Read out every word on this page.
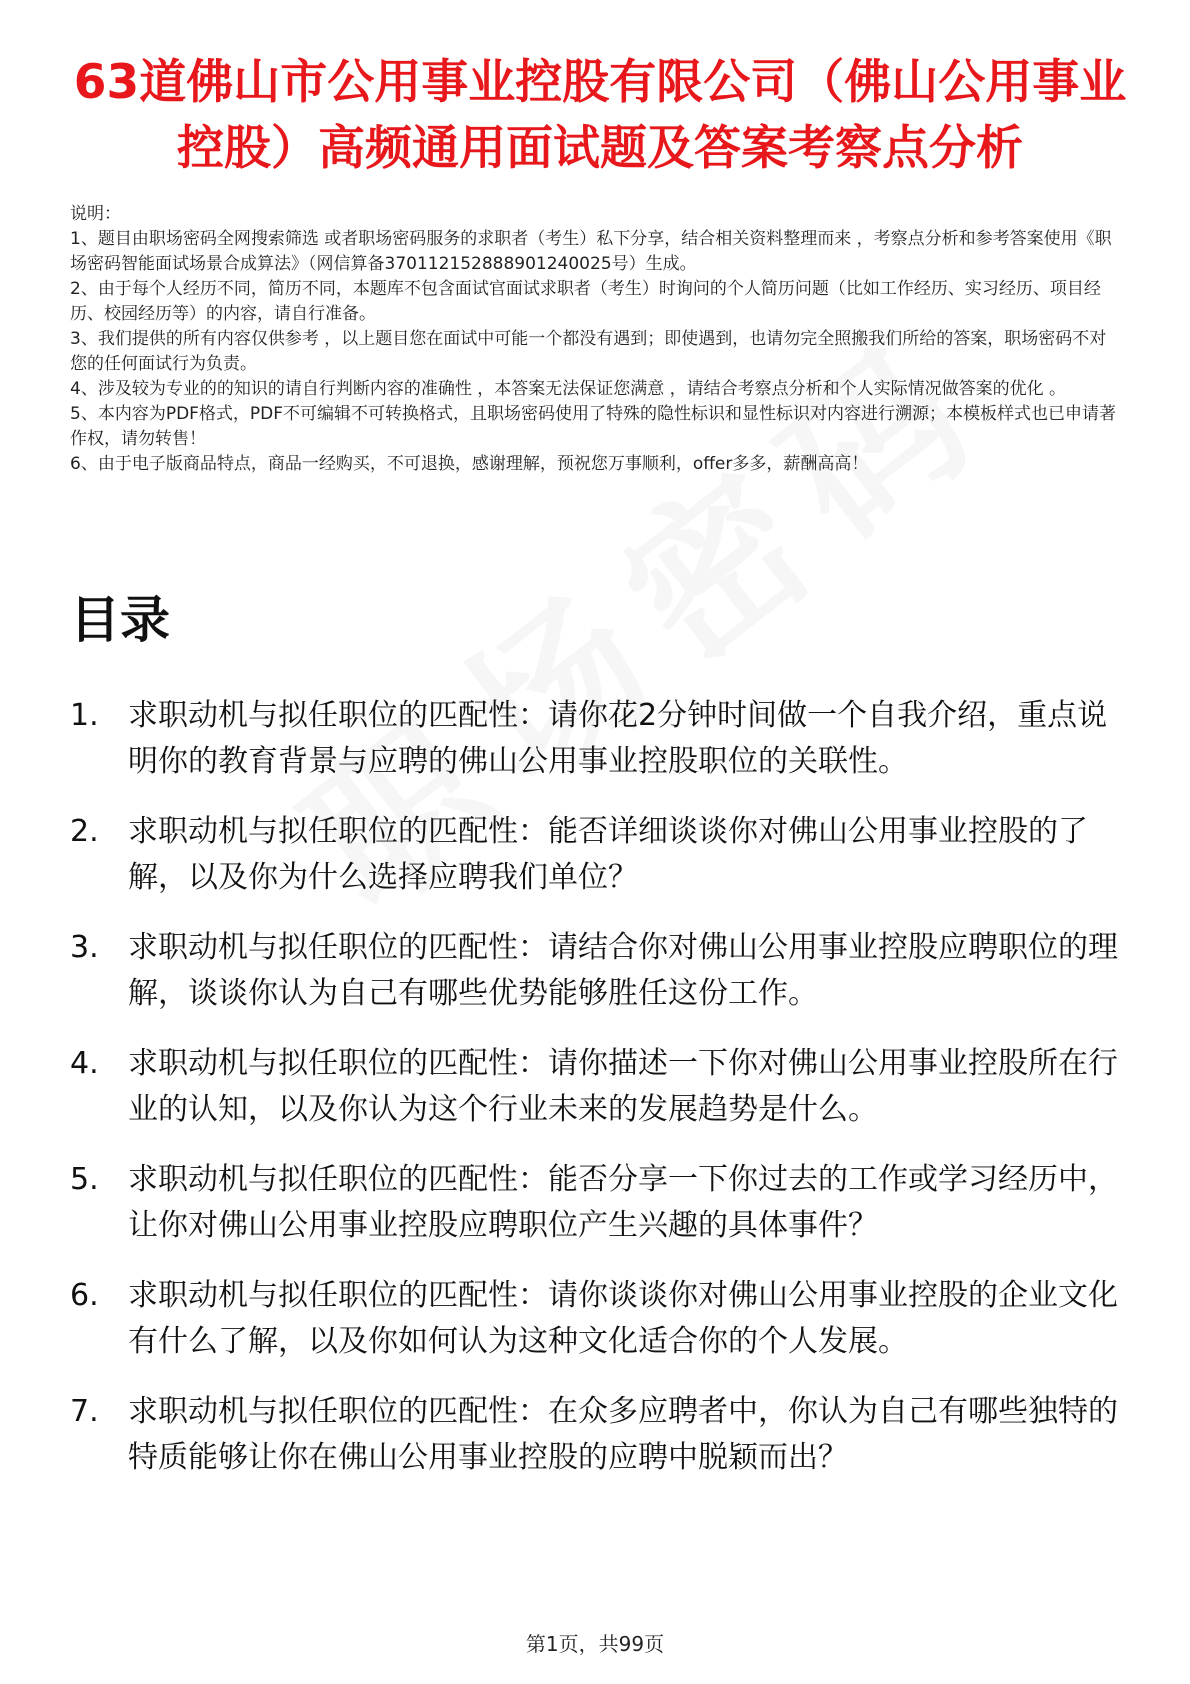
63道佛山市公用事业控股有限公司（佛山公用事业控股）高频通用面试题及答案考察点分析

说明：

1、题目由职场密码全网搜索筛选 或者职场密码服务的求职者（考生）私下分享，结合相关资料整理而来 ，考察点分析和参考答案使用《职场密码智能面试场景合成算法》（网信算备370112152888901240025号）生成。

2、由于每个人经历不同，简历不同，本题库不包含面试官面试求职者（考生）时询问的个人简历问题（比如工作经历、实习经历、项目经历、校园经历等）的内容，请自行准备。

3、我们提供的所有内容仅供参考 ，以上题目您在面试中可能一个都没有遇到；即使遇到，也请勿完全照搬我们所给的答案，职场密码不对您的任何面试行为负责。

4、涉及较为专业的的知识的请自行判断内容的准确性 ，本答案无法保证您满意 ，请结合考察点分析和个人实际情况做答案的优化 。

5、本内容为PDF格式，PDF不可编辑不可转换格式，且职场密码使用了特殊的隐性标识和显性标识对内容进行溯源；本模板样式也已申请著作权，请勿转售！

6、由于电子版商品特点，商品一经购买，不可退换，感谢理解，预祝您万事顺利，offer多多，薪酬高高！

目录
1. 求职动机与拟任职位的匹配性：请你花2分钟时间做一个自我介绍，重点说明你的教育背景与应聘的佛山公用事业控股职位的关联性。
2. 求职动机与拟任职位的匹配性：能否详细谈谈你对佛山公用事业控股的了解，以及你为什么选择应聘我们单位？
3. 求职动机与拟任职位的匹配性：请结合你对佛山公用事业控股应聘职位的理解，谈谈你认为自己有哪些优势能够胜任这份工作。
4. 求职动机与拟任职位的匹配性：请你描述一下你对佛山公用事业控股所在行业的认知，以及你认为这个行业未来的发展趋势是什么。
5. 求职动机与拟任职位的匹配性：能否分享一下你过去的工作或学习经历中，让你对佛山公用事业控股应聘职位产生兴趣的具体事件？
6. 求职动机与拟任职位的匹配性：请你谈谈你对佛山公用事业控股的企业文化有什么了解，以及你如何认为这种文化适合你的个人发展。
7. 求职动机与拟任职位的匹配性：在众多应聘者中，你认为自己有哪些独特的特质能够让你在佛山公用事业控股的应聘中脱颖而出？
第1页，共99页
